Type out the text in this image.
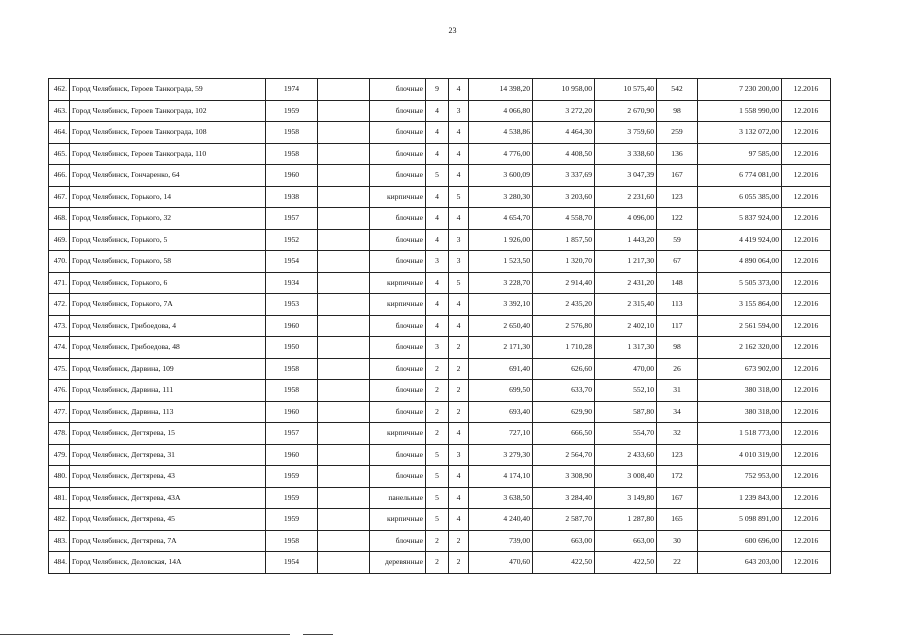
23
462.	Город Челябинск, Героев Танкограда, 59	1974		блочные	9	4	14 398,20	10 958,00	10 575,40	542	7 230 200,00	12.2016
463.	Город Челябинск, Героев Танкограда, 102	1959		блочные	4	3	4 066,80	3 272,20	2 670,90	98	1 558 990,00	12.2016
464.	Город Челябинск, Героев Танкограда, 108	1958		блочные	4	4	4 538,86	4 464,30	3 759,60	259	3 132 072,00	12.2016
465.	Город Челябинск, Героев Танкограда, 110	1958		блочные	4	4	4 776,00	4 408,50	3 338,60	136	97 585,00	12.2016
466.	Город Челябинск, Гончаренко, 64	1960		блочные	5	4	3 600,09	3 337,69	3 047,39	167	6 774 081,00	12.2016
467.	Город Челябинск, Горького, 14	1938		кирпичные	4	5	3 280,30	3 203,60	2 231,60	123	6 055 385,00	12.2016
468.	Город Челябинск, Горького, 32	1957		блочные	4	4	4 654,70	4 558,70	4 096,00	122	5 837 924,00	12.2016
469.	Город Челябинск, Горького, 5	1952		блочные	4	3	1 926,00	1 857,50	1 443,20	59	4 419 924,00	12.2016
470.	Город Челябинск, Горького, 58	1954		блочные	3	3	1 523,50	1 320,70	1 217,30	67	4 890 064,00	12.2016
471.	Город Челябинск, Горького, 6	1934		кирпичные	4	5	3 228,70	2 914,40	2 431,20	148	5 505 373,00	12.2016
472.	Город Челябинск, Горького, 7А	1953		кирпичные	4	4	3 392,10	2 435,20	2 315,40	113	3 155 864,00	12.2016
473.	Город Челябинск, Грибоедова, 4	1960		блочные	4	4	2 650,40	2 576,80	2 402,10	117	2 561 594,00	12.2016
474.	Город Челябинск, Грибоедова, 48	1950		блочные	3	2	2 171,30	1 710,28	1 317,30	98	2 162 320,00	12.2016
475.	Город Челябинск, Дарвина, 109	1958		блочные	2	2	691,40	626,60	470,00	26	673 902,00	12.2016
476.	Город Челябинск, Дарвина, 111	1958		блочные	2	2	699,50	633,70	552,10	31	380 318,00	12.2016
477.	Город Челябинск, Дарвина, 113	1960		блочные	2	2	693,40	629,90	587,80	34	380 318,00	12.2016
478.	Город Челябинск, Дегтярева, 15	1957		кирпичные	2	4	727,10	666,50	554,70	32	1 518 773,00	12.2016
479.	Город Челябинск, Дегтярева, 31	1960		блочные	5	3	3 279,30	2 564,70	2 433,60	123	4 010 319,00	12.2016
480.	Город Челябинск, Дегтярева, 43	1959		блочные	5	4	4 174,10	3 308,90	3 008,40	172	752 953,00	12.2016
481.	Город Челябинск, Дегтярева, 43А	1959		панельные	5	4	3 638,50	3 284,40	3 149,80	167	1 239 843,00	12.2016
482.	Город Челябинск, Дегтярева, 45	1959		кирпичные	5	4	4 240,40	2 587,70	1 287,80	165	5 098 891,00	12.2016
483.	Город Челябинск, Дегтярева, 7А	1958		блочные	2	2	739,00	663,00	663,00	30	600 696,00	12.2016
484.	Город Челябинск, Деловская, 14А	1954		деревянные	2	2	470,60	422,50	422,50	22	643 203,00	12.2016
